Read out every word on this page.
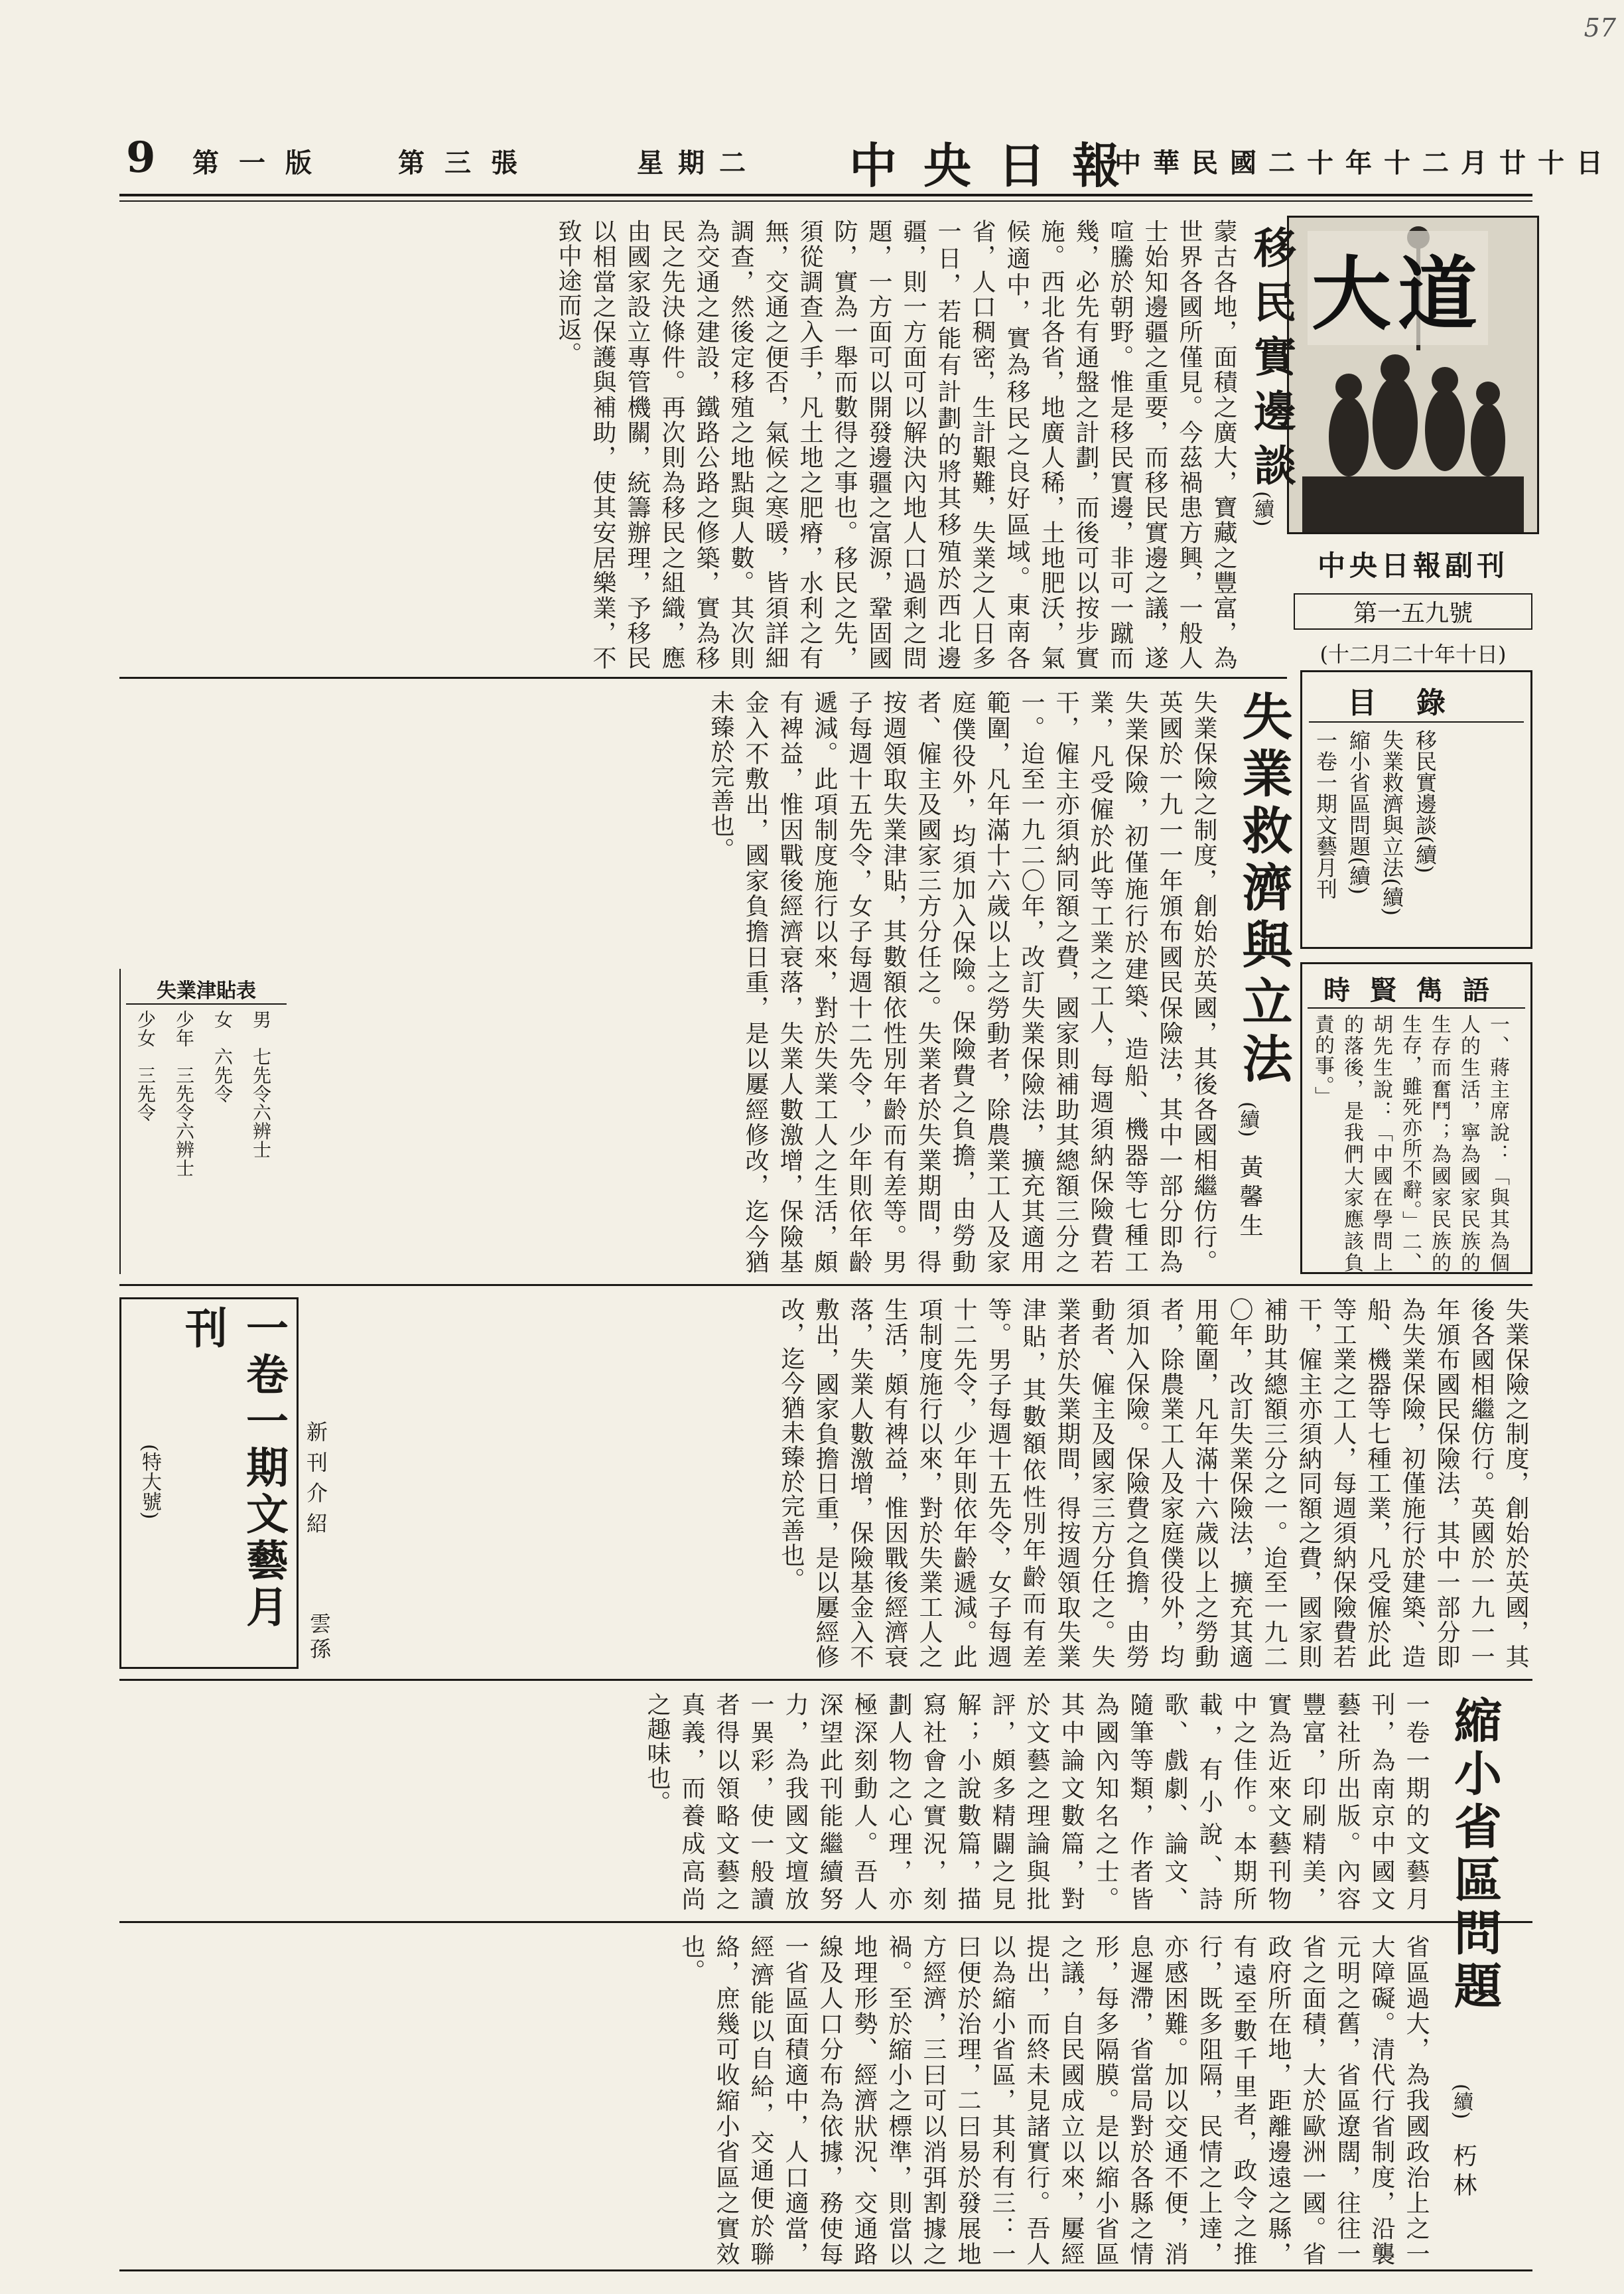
57
9 第一版	第三張	星期二 中央日報
中華民國二十年十二月廿十日
大道
中央日報副刊
第一五九號
(十二月二十年十日)
目錄
移民實邊談(續)
失業救濟與立法(續)
縮小省區問題(續)
一卷一期文藝月刊
時賢雋語
一、蔣主席說：「與其為個人的生活，寧為國家民族的生存而奮鬥；為國家民族的生存，雖死亦所不辭。」二、胡先生說：「中國在學問上的落後，是我們大家應該負責的事。」
移民實邊談
(續)
蒙古各地，面積之廣大，寶藏之豐富，為世界各國所僅見。今茲禍患方興，一般人士始知邊疆之重要，而移民實邊之議，遂喧騰於朝野。惟是移民實邊，非可一蹴而幾，必先有通盤之計劃，而後可以按步實施。西北各省，地廣人稀，土地肥沃，氣候適中，實為移民之良好區域。東南各省，人口稠密，生計艱難，失業之人日多一日，若能有計劃的將其移殖於西北邊疆，則一方面可以解決內地人口過剩之問題，一方面可以開發邊疆之富源，鞏固國防，實為一舉而數得之事也。移民之先，須從調查入手，凡土地之肥瘠，水利之有無，交通之便否，氣候之寒暖，皆須詳細調查，然後定移殖之地點與人數。其次則為交通之建設，鐵路公路之修築，實為移民之先決條件。再次則為移民之組織，應由國家設立專管機關，統籌辦理，予移民以相當之保護與補助，使其安居樂業，不致中途而返。
失業救濟與立法
(續)
黃馨生
失業保險之制度，創始於英國，其後各國相繼仿行。英國於一九一一年頒布國民保險法，其中一部分即為失業保險，初僅施行於建築、造船、機器等七種工業，凡受僱於此等工業之工人，每週須納保險費若干，僱主亦須納同額之費，國家則補助其總額三分之一。迨至一九二〇年，改訂失業保險法，擴充其適用範圍，凡年滿十六歲以上之勞動者，除農業工人及家庭僕役外，均須加入保險。保險費之負擔，由勞動者、僱主及國家三方分任之。失業者於失業期間，得按週領取失業津貼，其數額依性別年齡而有差等。男子每週十五先令，女子每週十二先令，少年則依年齡遞減。此項制度施行以來，對於失業工人之生活，頗有裨益，惟因戰後經濟衰落，失業人數激增，保險基金入不敷出，國家負擔日重，是以屢經修改，迄今猶未臻於完善也。
失業津貼表
男　七先令六辨士
女　六先令
少年　三先令六辨士
少女　三先令
失業保險之制度，創始於英國，其後各國相繼仿行。英國於一九一一年頒布國民保險法，其中一部分即為失業保險，初僅施行於建築、造船、機器等七種工業，凡受僱於此等工業之工人，每週須納保險費若干，僱主亦須納同額之費，國家則補助其總額三分之一。迨至一九二〇年，改訂失業保險法，擴充其適用範圍，凡年滿十六歲以上之勞動者，除農業工人及家庭僕役外，均須加入保險。保險費之負擔，由勞動者、僱主及國家三方分任之。失業者於失業期間，得按週領取失業津貼，其數額依性別年齡而有差等。男子每週十五先令，女子每週十二先令，少年則依年齡遞減。此項制度施行以來，對於失業工人之生活，頗有裨益，惟因戰後經濟衰落，失業人數激增，保險基金入不敷出，國家負擔日重，是以屢經修改，迄今猶未臻於完善也。
新刊介紹
一卷一期文藝月刊
(特大號)
雲孫
一卷一期的文藝月刊，為南京中國文藝社所出版。內容豐富，印刷精美，實為近來文藝刊物中之佳作。本期所載，有小說、詩歌、戲劇、論文、隨筆等類，作者皆為國內知名之士。其中論文數篇，對於文藝之理論與批評，頗多精闢之見解；小說數篇，描寫社會之實況，刻劃人物之心理，亦極深刻動人。吾人深望此刊能繼續努力，為我國文壇放一異彩，使一般讀者得以領略文藝之真義，而養成高尚之趣味也。	縮小省區問題
(續)
朽林
省區過大，為我國政治上之一大障礙。清代行省制度，沿襲元明之舊，省區遼闊，往往一省之面積，大於歐洲一國。省政府所在地，距離邊遠之縣，有遠至數千里者，政令之推行，既多阻隔，民情之上達，亦感困難。加以交通不便，消息遲滯，省當局對於各縣之情形，每多隔膜。是以縮小省區之議，自民國成立以來，屢經提出，而終未見諸實行。吾人以為縮小省區，其利有三：一曰便於治理，二曰易於發展地方經濟，三曰可以消弭割據之禍。至於縮小之標準，則當以地理形勢、經濟狀況、交通路線及人口分布為依據，務使每一省區面積適中，人口適當，經濟能以自給，交通便於聯絡，庶幾可收縮小省區之實效也。
